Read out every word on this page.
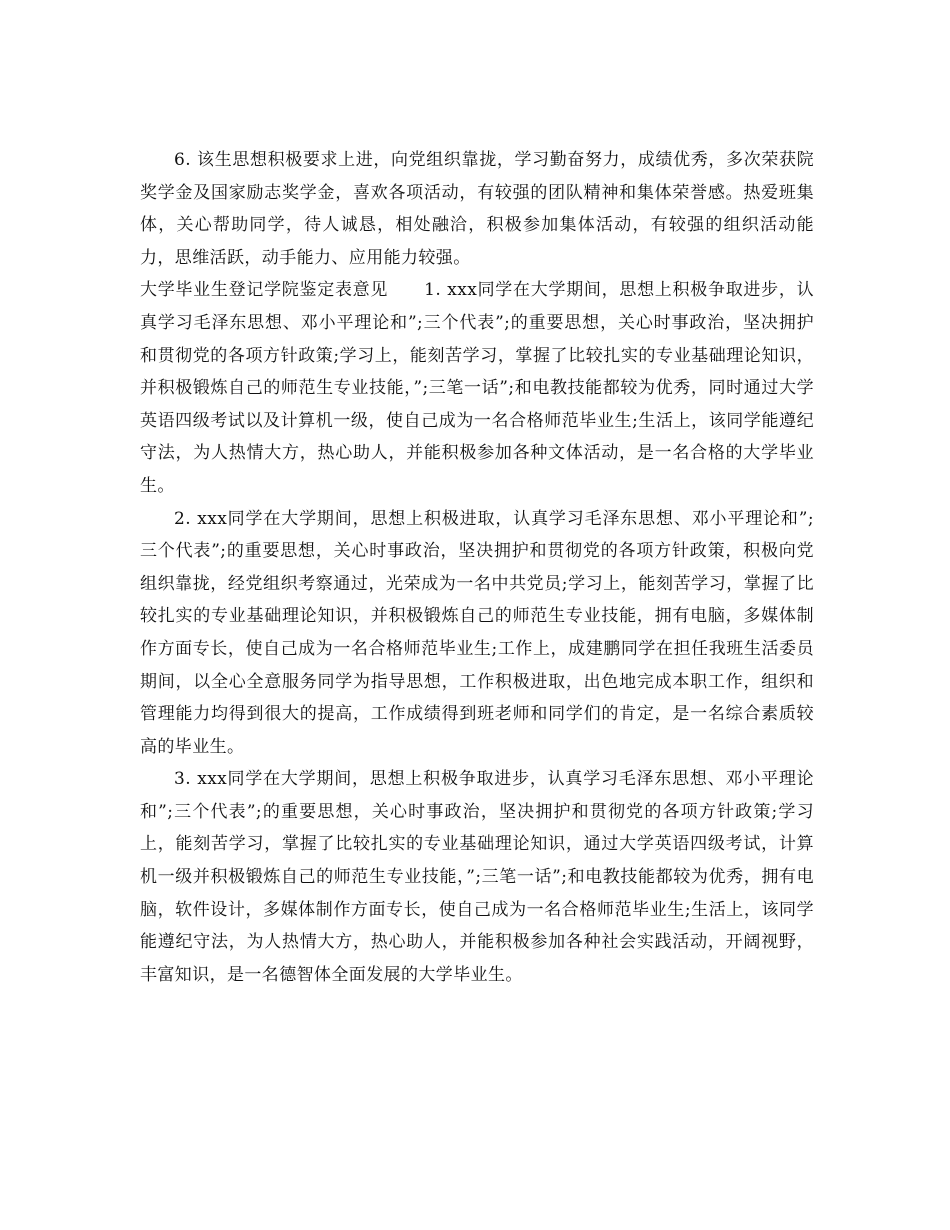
6. 该生思想积极要求上进，向党组织靠拢，学习勤奋努力，成绩优秀，多次荣获院奖学金及国家励志奖学金，喜欢各项活动，有较强的团队精神和集体荣誉感。热爱班集体，关心帮助同学，待人诚恳，相处融洽，积极参加集体活动，有较强的组织活动能力，思维活跃，动手能力、应用能力较强。

大学毕业生登记学院鉴定表意见 1. xxx同学在大学期间，思想上积极争取进步，认真学习毛泽东思想、邓小平理论和”;三个代表”;的重要思想，关心时事政治，坚决拥护和贯彻党的各项方针政策;学习上，能刻苦学习，掌握了比较扎实的专业基础理论知识，并积极锻炼自己的师范生专业技能，”;三笔一话”;和电教技能都较为优秀，同时通过大学英语四级考试以及计算机一级，使自己成为一名合格师范毕业生;生活上，该同学能遵纪守法，为人热情大方，热心助人，并能积极参加各种文体活动，是一名合格的大学毕业生。

2. xxx同学在大学期间，思想上积极进取，认真学习毛泽东思想、邓小平理论和”;三个代表”;的重要思想，关心时事政治，坚决拥护和贯彻党的各项方针政策，积极向党组织靠拢，经党组织考察通过，光荣成为一名中共党员;学习上，能刻苦学习，掌握了比较扎实的专业基础理论知识，并积极锻炼自己的师范生专业技能，拥有电脑，多媒体制作方面专长，使自己成为一名合格师范毕业生;工作上，成建鹏同学在担任我班生活委员期间，以全心全意服务同学为指导思想，工作积极进取，出色地完成本职工作，组织和管理能力均得到很大的提高，工作成绩得到班老师和同学们的肯定，是一名综合素质较高的毕业生。

3. xxx同学在大学期间，思想上积极争取进步，认真学习毛泽东思想、邓小平理论和”;三个代表”;的重要思想，关心时事政治，坚决拥护和贯彻党的各项方针政策;学习上，能刻苦学习，掌握了比较扎实的专业基础理论知识，通过大学英语四级考试，计算机一级并积极锻炼自己的师范生专业技能，”;三笔一话”;和电教技能都较为优秀，拥有电脑，软件设计，多媒体制作方面专长，使自己成为一名合格师范毕业生;生活上，该同学能遵纪守法，为人热情大方，热心助人，并能积极参加各种社会实践活动，开阔视野，丰富知识，是一名德智体全面发展的大学毕业生。
